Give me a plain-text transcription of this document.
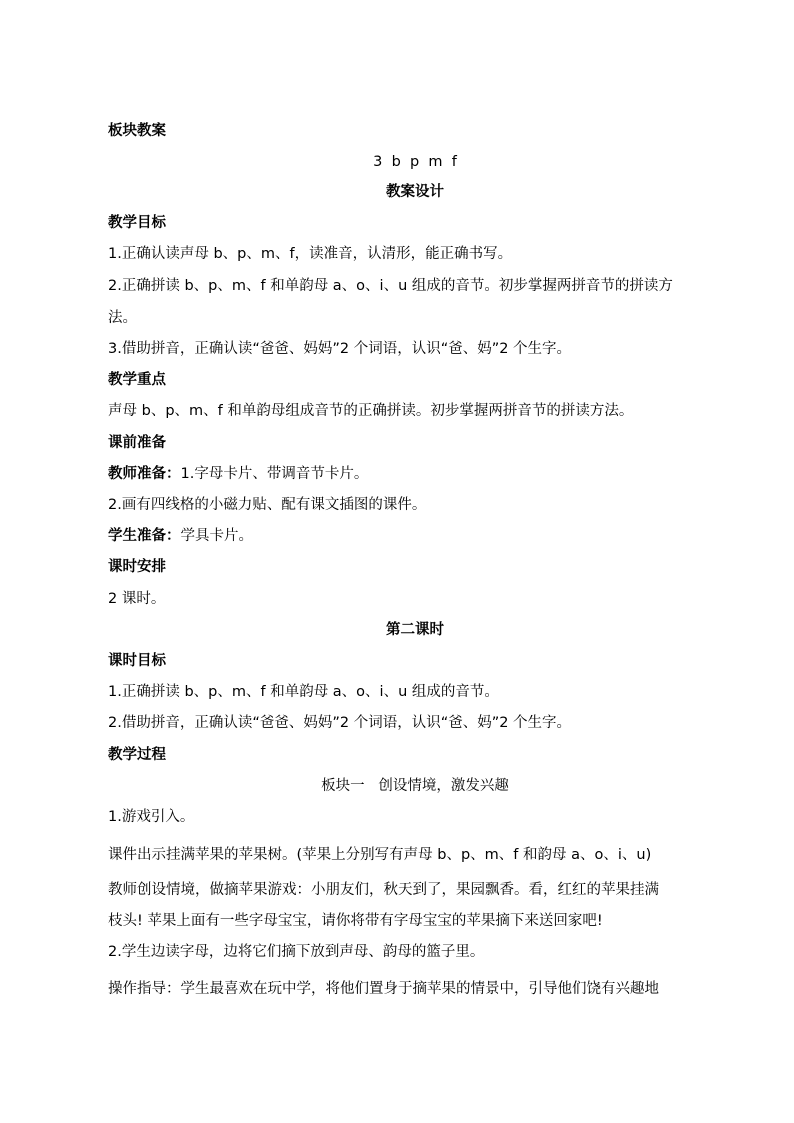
板块教案
3  b  p  m  f
教案设计
教学目标
1.正确认读声母 b、p、m、f，读准音，认清形，能正确书写。
2.正确拼读 b、p、m、f 和单韵母 a、o、i、u 组成的音节。初步掌握两拼音节的拼读方
法。
3.借助拼音，正确认读“爸爸、妈妈”2 个词语，认识“爸、妈”2 个生字。
教学重点
声母 b、p、m、f 和单韵母组成音节的正确拼读。初步掌握两拼音节的拼读方法。
课前准备
教师准备：1.字母卡片、带调音节卡片。
2.画有四线格的小磁力贴、配有课文插图的课件。
学生准备：学具卡片。
课时安排
2 课时。
第二课时
课时目标
1.正确拼读 b、p、m、f 和单韵母 a、o、i、u 组成的音节。
2.借助拼音，正确认读“爸爸、妈妈”2 个词语，认识“爸、妈”2 个生字。
教学过程
板块一   创设情境，激发兴趣
1.游戏引入。
课件出示挂满苹果的苹果树。(苹果上分别写有声母 b、p、m、f 和韵母 a、o、i、u)
教师创设情境，做摘苹果游戏：小朋友们，秋天到了，果园飘香。看，红红的苹果挂满
枝头! 苹果上面有一些字母宝宝，请你将带有字母宝宝的苹果摘下来送回家吧!
2.学生边读字母，边将它们摘下放到声母、韵母的篮子里。
操作指导：学生最喜欢在玩中学，将他们置身于摘苹果的情景中，引导他们饶有兴趣地
